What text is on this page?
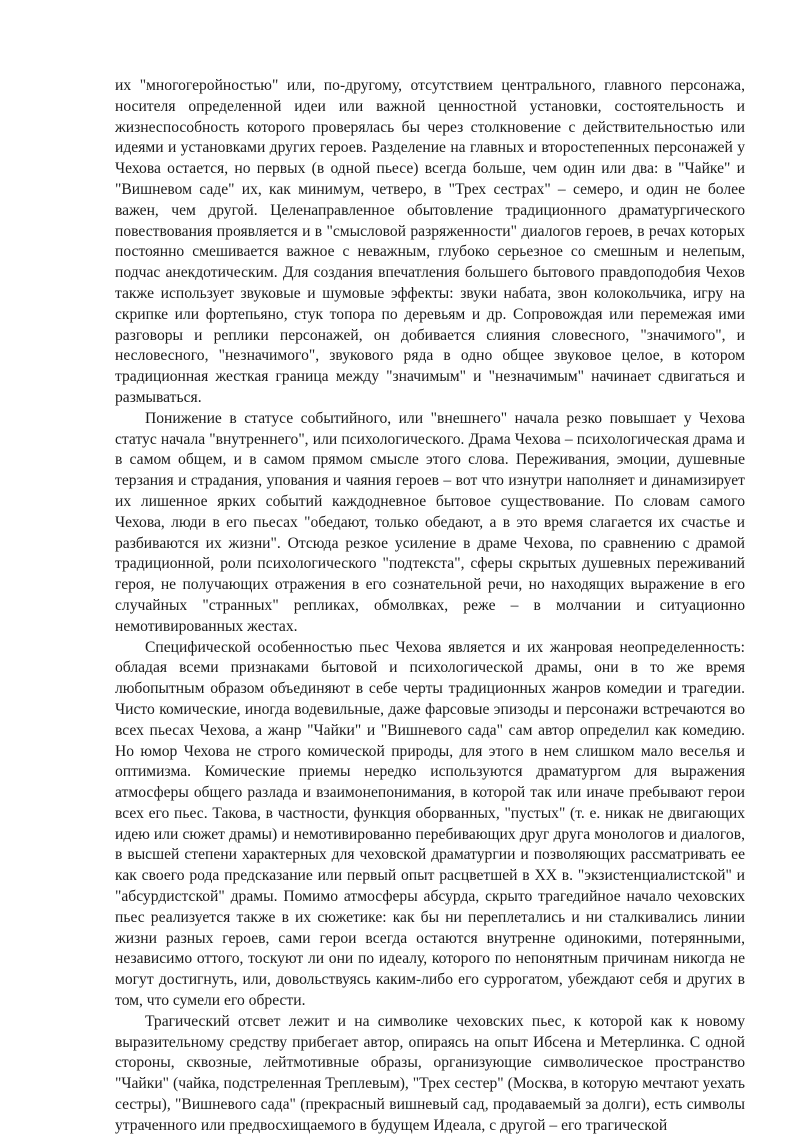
их "многогеройностью" или, по-другому, отсутствием центрального, главного персонажа, носителя определенной идеи или важной ценностной установки, состоятельность и жизнеспособность которого проверялась бы через столкновение с действительностью или идеями и установками других героев. Разделение на главных и второстепенных персонажей у Чехова остается, но первых (в одной пьесе) всегда больше, чем один или два: в "Чайке" и "Вишневом саде" их, как минимум, четверо, в "Трех сестрах" – семеро, и один не более важен, чем другой. Целенаправленное обытовление традиционного драматургического повествования проявляется и в "смысловой разряженности" диалогов героев, в речах которых постоянно смешивается важное с неважным, глубоко серьезное со смешным и нелепым, подчас анекдотическим. Для создания впечатления большего бытового правдоподобия Чехов также использует звуковые и шумовые эффекты: звуки набата, звон колокольчика, игру на скрипке или фортепьяно, стук топора по деревьям и др. Сопровождая или перемежая ими разговоры и реплики персонажей, он добивается слияния словесного, "значимого", и несловесного, "незначимого", звукового ряда в одно общее звуковое целое, в котором традиционная жесткая граница между "значимым" и "незначимым" начинает сдвигаться и размываться.

Понижение в статусе событийного, или "внешнего" начала резко повышает у Чехова статус начала "внутреннего", или психологического. Драма Чехова – психологическая драма и в самом общем, и в самом прямом смысле этого слова. Переживания, эмоции, душевные терзания и страдания, упования и чаяния героев – вот что изнутри наполняет и динамизирует их лишенное ярких событий каждодневное бытовое существование. По словам самого Чехова, люди в его пьесах "обедают, только обедают, а в это время слагается их счастье и разбиваются их жизни". Отсюда резкое усиление в драме Чехова, по сравнению с драмой традиционной, роли психологического "подтекста", сферы скрытых душевных переживаний героя, не получающих отражения в его сознательной речи, но находящих выражение в его случайных "странных" репликах, обмолвках, реже – в молчании и ситуационно немотивированных жестах.

Специфической особенностью пьес Чехова является и их жанровая неопределенность: обладая всеми признаками бытовой и психологической драмы, они в то же время любопытным образом объединяют в себе черты традиционных жанров комедии и трагедии. Чисто комические, иногда водевильные, даже фарсовые эпизоды и персонажи встречаются во всех пьесах Чехова, а жанр "Чайки" и "Вишневого сада" сам автор определил как комедию. Но юмор Чехова не строго комической природы, для этого в нем слишком мало веселья и оптимизма. Комические приемы нередко используются драматургом для выражения атмосферы общего разлада и взаимонепонимания, в которой так или иначе пребывают герои всех его пьес. Такова, в частности, функция оборванных, "пустых" (т. е. никак не двигающих идею или сюжет драмы) и немотивированно перебивающих друг друга монологов и диалогов, в высшей степени характерных для чеховской драматургии и позволяющих рассматривать ее как своего рода предсказание или первый опыт расцветшей в XX в. "экзистенциалистской" и "абсурдистской" драмы. Помимо атмосферы абсурда, скрыто трагедийное начало чеховских пьес реализуется также в их сюжетике: как бы ни переплетались и ни сталкивались линии жизни разных героев, сами герои всегда остаются внутренне одинокими, потерянными, независимо оттого, тоскуют ли они по идеалу, которого по непонятным причинам никогда не могут достигнуть, или, довольствуясь каким-либо его суррогатом, убеждают себя и других в том, что сумели его обрести.

Трагический отсвет лежит и на символике чеховских пьес, к которой как к новому выразительному средству прибегает автор, опираясь на опыт Ибсена и Метерлинка. С одной стороны, сквозные, лейтмотивные образы, организующие символическое пространство "Чайки" (чайка, подстреленная Треплевым), "Трех сестер" (Москва, в которую мечтают уехать сестры), "Вишневого сада" (прекрасный вишневый сад, продаваемый за долги), есть символы утраченного или предвосхищаемого в будущем Идеала, с другой – его трагической
